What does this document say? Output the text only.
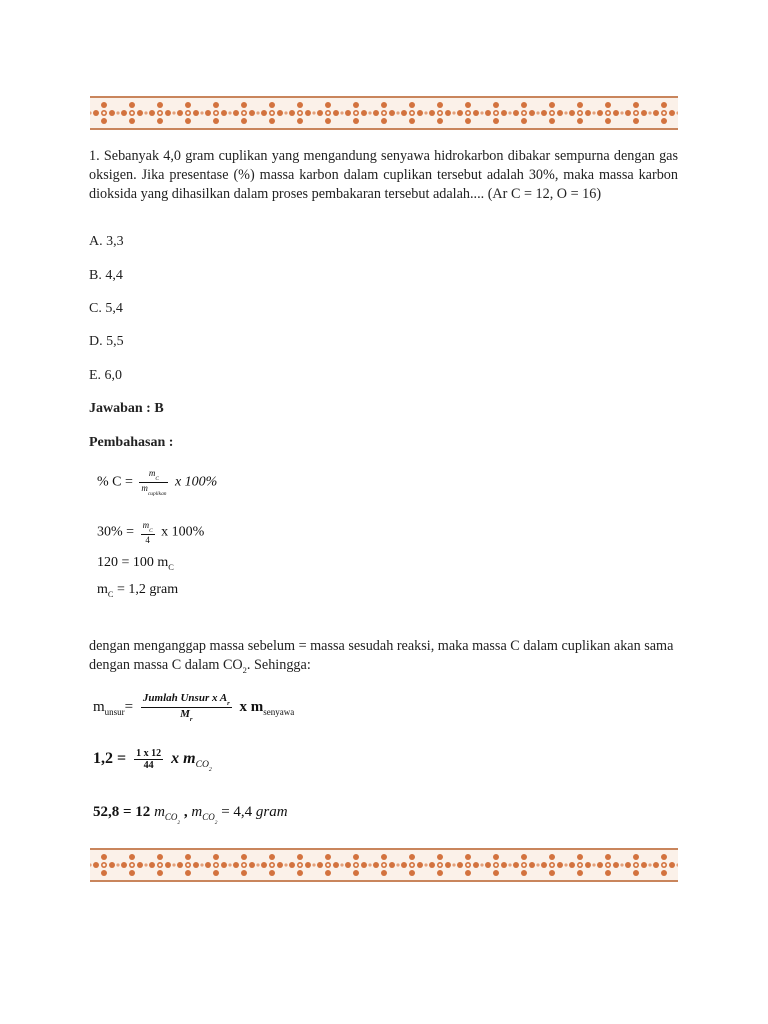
1. Sebanyak 4,0 gram cuplikan yang mengandung senyawa hidrokarbon dibakar sempurna dengan gas oksigen. Jika presentase (%) massa karbon dalam cuplikan tersebut adalah 30%, maka massa karbon dioksida yang dihasilkan dalam proses pembakaran tersebut adalah.... (Ar C = 12, O = 16)

A. 3,3
B. 4,4
C. 5,4
D. 5,5
E. 6,0
Jawaban : B
Pembahasan :
% $C = \frac{m_C}{m_{cuplikan}}$ x 100%
$30\% = \frac{m_C}{4}$ x 100%
120 = 100 $m_C$
$m_C = 1,2$ gram

dengan menganggap massa sebelum = massa sesudah reaksi, maka massa C dalam cuplikan akan sama dengan massa C dalam $CO_2$. Sehingga:

$m_{unsur}= \frac{Jumlah Unsur x A_r}{M_r}$ x $m_{senyawa}$
$1,2 = \frac{1 x 12}{44}$ x $m_{CO_2}$
52,8 = 12 $m_{CO_2}$ , $m_{CO_2} = 4,4$ gram
